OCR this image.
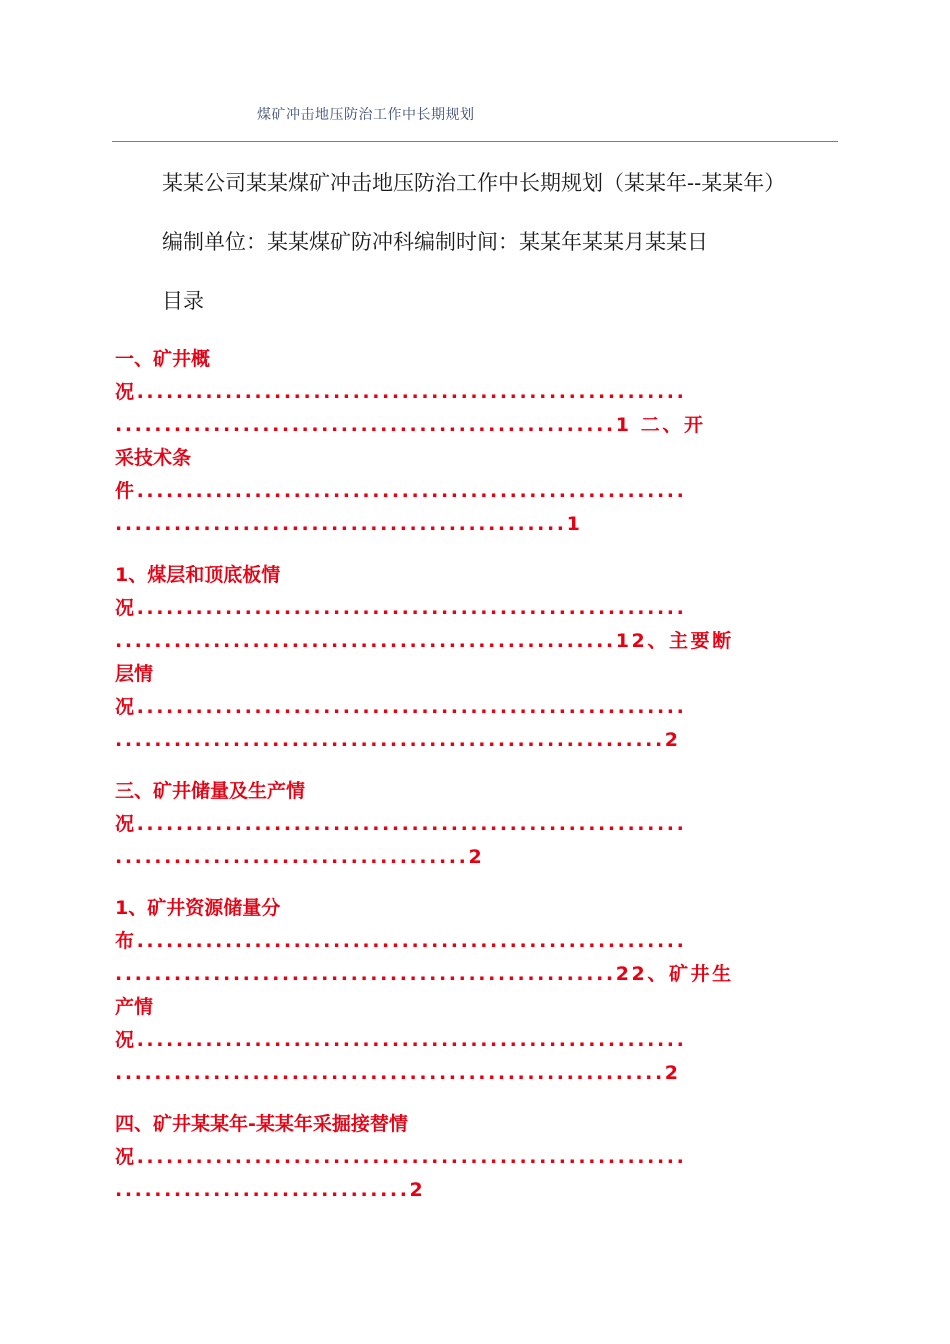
煤矿冲击地压防治工作中长期规划
某某公司某某煤矿冲击地压防治工作中长期规划（某某年--某某年）
编制单位：某某煤矿防冲科编制时间：某某年某某月某某日
目录
一、矿井概
况........................................................
...................................................1 二、开
采技术条
件........................................................
..............................................1
1、煤层和顶底板情
况........................................................
...................................................12、主要断
层情
况........................................................
........................................................2
三、矿井储量及生产情
况........................................................
....................................2
1、矿井资源储量分
布........................................................
...................................................22、矿井生
产情
况........................................................
........................................................2
四、矿井某某年-某某年采掘接替情
况........................................................
..............................2
